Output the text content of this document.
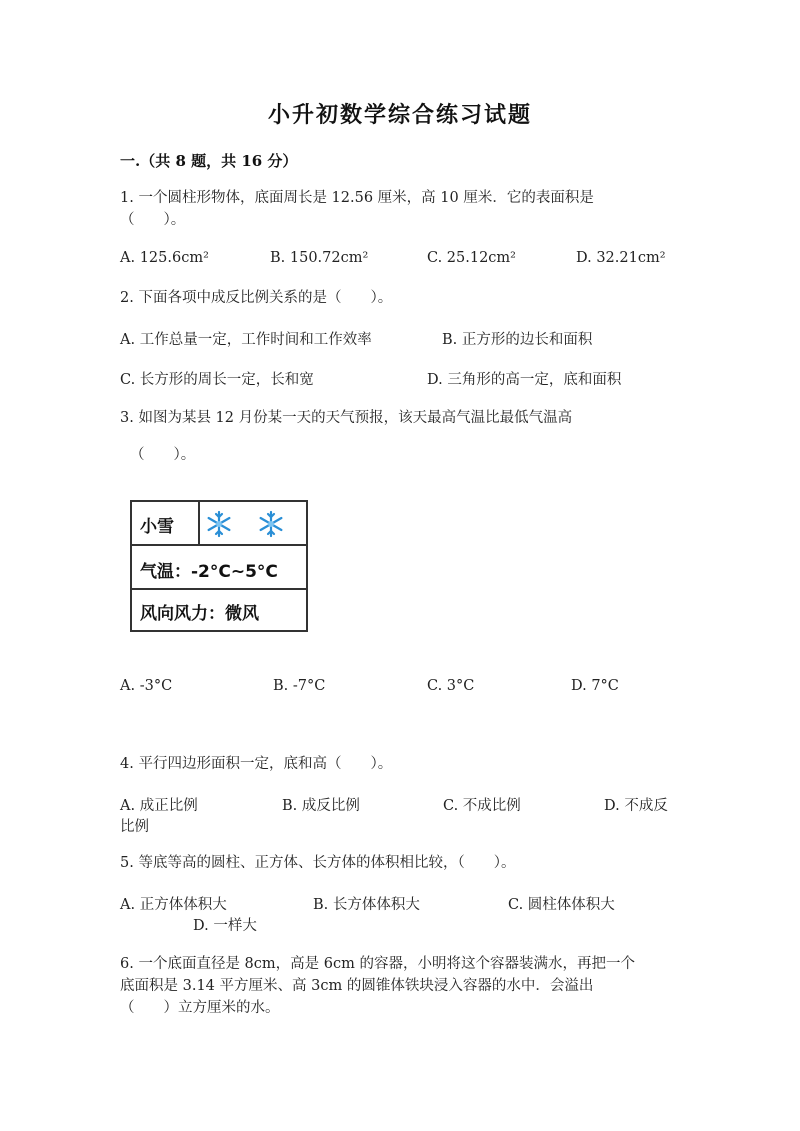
小升初数学综合练习试题
一.（共 8 题，共 16 分）
1. 一个圆柱形物体，底面周长是 12.56 厘米，高 10 厘米．它的表面积是
（　　）。
A. 125.6cm²	B. 150.72cm²	C. 25.12cm²	D. 32.21cm²
2. 下面各项中成反比例关系的是（　　）。
A. 工作总量一定，工作时间和工作效率	B. 正方形的边长和面积
C. 长方形的周长一定，长和宽	D. 三角形的高一定，底和面积
3. 如图为某县 12 月份某一天的天气预报，该天最高气温比最低气温高
（　　）。
小雪
气温：-2°C~5°C
风向风力：微风
A. -3°C	B. -7°C	C. 3°C	D. 7°C
4. 平行四边形面积一定，底和高（　　）。
A. 成正比例	B. 成反比例	C. 不成比例	D. 不成反
比例
5. 等底等高的圆柱、正方体、长方体的体积相比较，（　　）。
A. 正方体体积大	B. 长方体体积大	C. 圆柱体体积大
D. 一样大
6. 一个底面直径是 8cm，高是 6cm 的容器，小明将这个容器装满水，再把一个
底面积是 3.14 平方厘米、高 3cm 的圆锥体铁块浸入容器的水中．会溢出
（　　）立方厘米的水。
